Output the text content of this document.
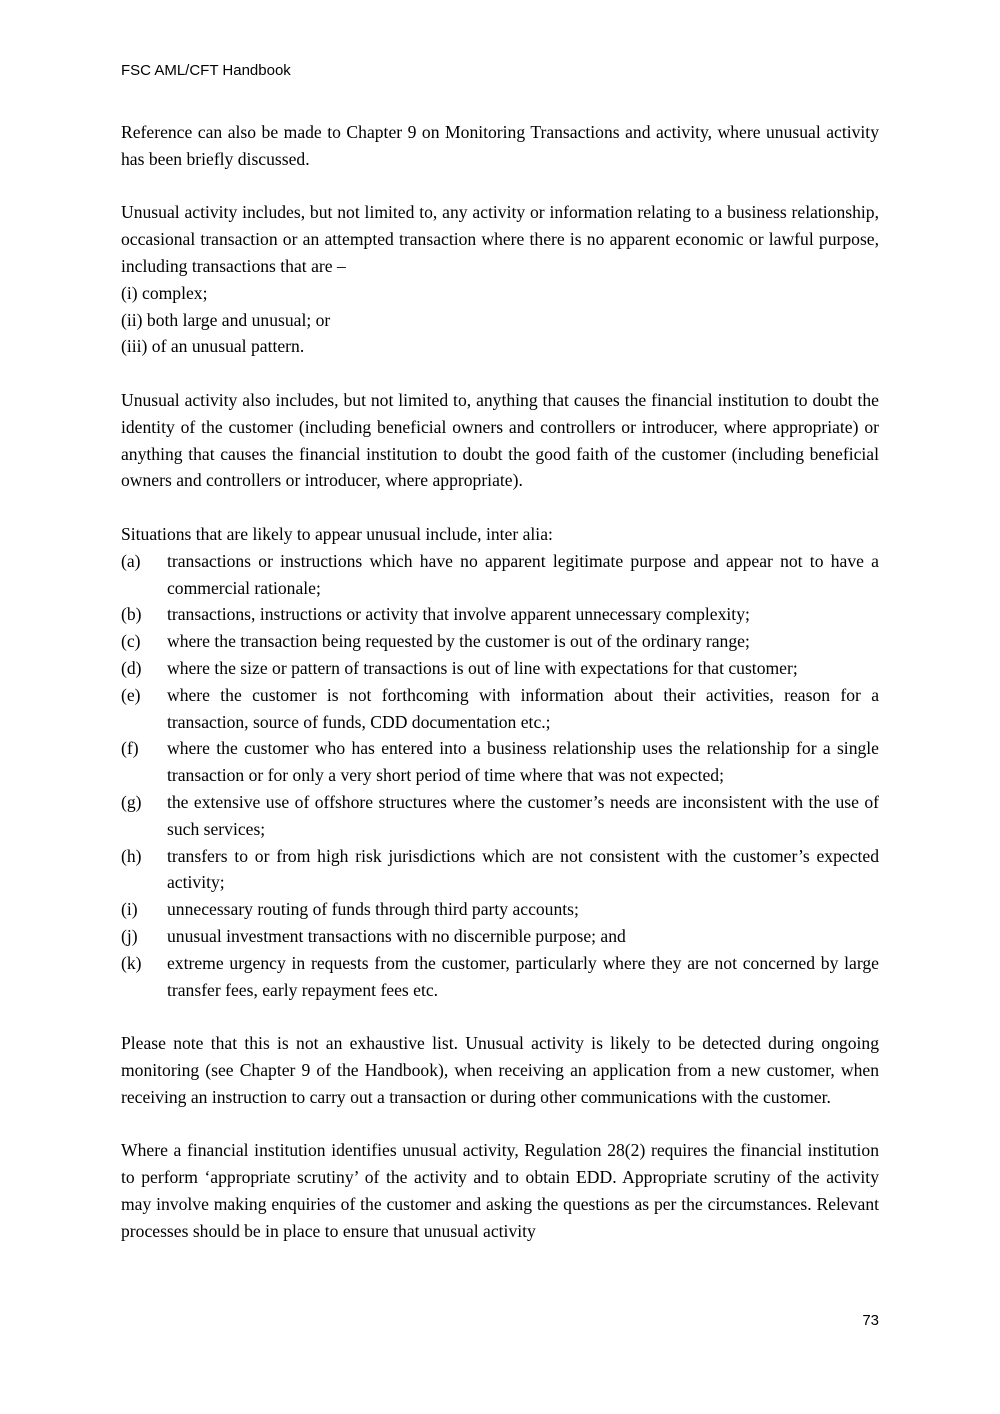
FSC AML/CFT Handbook

Reference can also be made to Chapter 9 on Monitoring Transactions and activity, where unusual activity has been briefly discussed.

Unusual activity includes, but not limited to, any activity or information relating to a business relationship, occasional transaction or an attempted transaction where there is no apparent economic or lawful purpose, including transactions that are –
(i) complex;
(ii) both large and unusual; or
(iii) of an unusual pattern.

Unusual activity also includes, but not limited to, anything that causes the financial institution to doubt the identity of the customer (including beneficial owners and controllers or introducer, where appropriate) or anything that causes the financial institution to doubt the good faith of the customer (including beneficial owners and controllers or introducer, where appropriate).

Situations that are likely to appear unusual include, inter alia:
(a)	transactions or instructions which have no apparent legitimate purpose and appear not to have a commercial rationale;
(b)	transactions, instructions or activity that involve apparent unnecessary complexity;
(c)	where the transaction being requested by the customer is out of the ordinary range;
(d)	where the size or pattern of transactions is out of line with expectations for that customer;
(e)	where the customer is not forthcoming with information about their activities, reason for a transaction, source of funds, CDD documentation etc.;
(f)	where the customer who has entered into a business relationship uses the relationship for a single transaction or for only a very short period of time where that was not expected;
(g)	the extensive use of offshore structures where the customer’s needs are inconsistent with the use of such services;
(h)	transfers to or from high risk jurisdictions which are not consistent with the customer’s expected activity;
(i)	unnecessary routing of funds through third party accounts;
(j)	unusual investment transactions with no discernible purpose; and
(k)	extreme urgency in requests from the customer, particularly where they are not concerned by large transfer fees, early repayment fees etc.

Please note that this is not an exhaustive list. Unusual activity is likely to be detected during ongoing monitoring (see Chapter 9 of the Handbook), when receiving an application from a new customer, when receiving an instruction to carry out a transaction or during other communications with the customer.

Where a financial institution identifies unusual activity, Regulation 28(2) requires the financial institution to perform ‘appropriate scrutiny’ of the activity and to obtain EDD. Appropriate scrutiny of the activity may involve making enquiries of the customer and asking the questions as per the circumstances. Relevant processes should be in place to ensure that unusual activity

73
